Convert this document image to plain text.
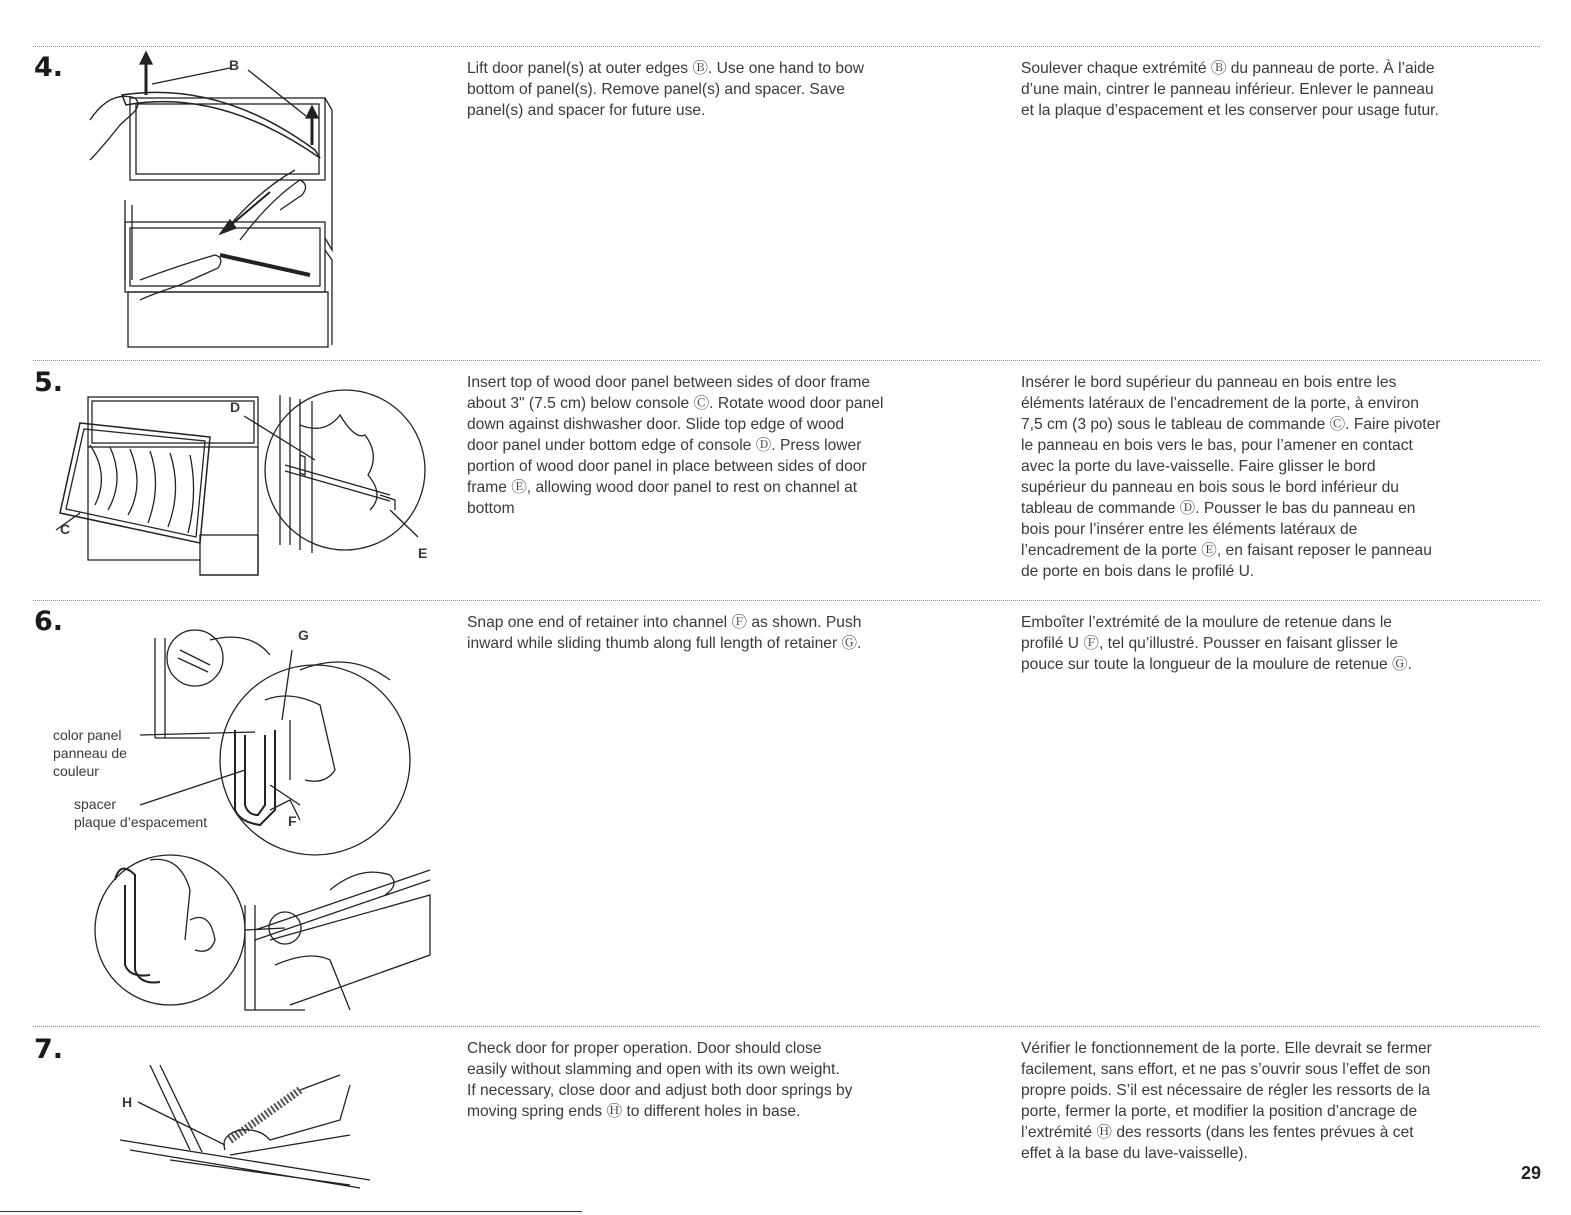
4.	Lift door panel(s) at outer edges Ⓑ. Use one hand to bow
bottom of panel(s). Remove panel(s) and spacer. Save
panel(s) and spacer for future use.
Soulever chaque extrémité Ⓑ du panneau de porte. À l’aide
d’une main, cintrer le panneau inférieur. Enlever le panneau
et la plaque d’espacement et les conserver pour usage futur.
B
5.	Insert top of wood door panel between sides of door frame
about 3" (7.5 cm) below console Ⓒ. Rotate wood door panel
down against dishwasher door. Slide top edge of wood
door panel under bottom edge of console Ⓓ. Press lower
portion of wood door panel in place between sides of door
frame Ⓔ, allowing wood door panel to rest on channel at
bottom
Insérer le bord supérieur du panneau en bois entre les
éléments latéraux de l’encadrement de la porte, à environ
7,5 cm (3 po) sous le tableau de commande Ⓒ. Faire pivoter
le panneau en bois vers le bas, pour l’amener en contact
avec la porte du lave-vaisselle. Faire glisser le bord
supérieur du panneau en bois sous le bord inférieur du
tableau de commande Ⓓ. Pousser le bas du panneau en
bois pour l’insérer entre les éléments latéraux de
l’encadrement de la porte Ⓔ, en faisant reposer le panneau
de porte en bois dans le profilé U.
D
C
E
6.	Snap one end of retainer into channel Ⓕ as shown. Push
inward while sliding thumb along full length of retainer Ⓖ.
Emboîter l’extrémité de la moulure de retenue dans le
profilé U Ⓕ, tel qu’illustré. Pousser en faisant glisser le
pouce sur toute la longueur de la moulure de retenue Ⓖ.
color panel
panneau de
couleur
spacer
plaque d’espacement
G
F
7.	Check door for proper operation. Door should close
easily without slamming and open with its own weight.
If necessary, close door and adjust both door springs by
moving spring ends Ⓗ to different holes in base.
Vérifier le fonctionnement de la porte. Elle devrait se fermer
facilement, sans effort, et ne pas s’ouvrir sous l’effet de son
propre poids. S’il est nécessaire de régler les ressorts de la
porte, fermer la porte, et modifier la position d’ancrage de
l’extrémité Ⓗ des ressorts (dans les fentes prévues à cet
effet à la base du lave-vaisselle).
H
29
